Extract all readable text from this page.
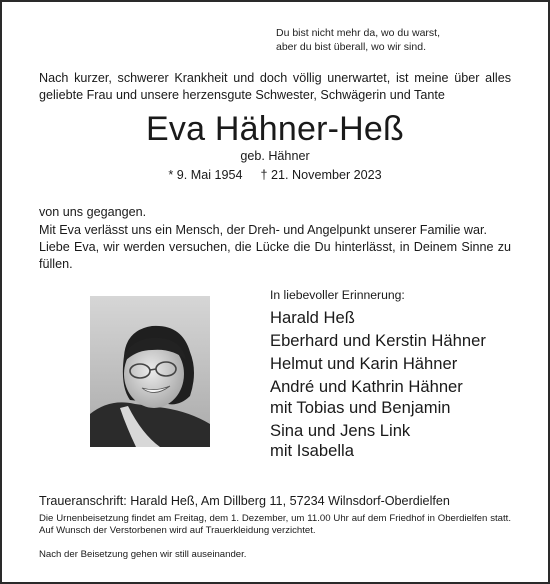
Du bist nicht mehr da, wo du warst,
aber du bist überall, wo wir sind.
Nach kurzer, schwerer Krankheit und doch völlig unerwartet, ist meine über alles geliebte Frau und unsere herzensgute Schwester, Schwägerin und Tante
Eva Hähner-Heß
geb. Hähner
* 9. Mai 1954 † 21. November 2023

von uns gegangen.

Mit Eva verlässt uns ein Mensch, der Dreh- und Angelpunkt unserer Familie war.

Liebe Eva, wir werden versuchen, die Lücke die Du hinterlässt, in Deinem Sinne zu füllen.

In liebevoller Erinnerung:
Harald Heß
Eberhard und Kerstin Hähner
Helmut und Karin Hähner
André und Kathrin Hähner
mit Tobias und Benjamin
Sina und Jens Link
mit Isabella
Traueranschrift: Harald Heß, Am Dillberg 11, 57234 Wilnsdorf-Oberdielfen
Die Urnenbeisetzung findet am Freitag, dem 1. Dezember, um 11.00 Uhr auf dem Friedhof in Oberdielfen statt. Auf Wunsch der Verstorbenen wird auf Trauerkleidung verzichtet.
Nach der Beisetzung gehen wir still auseinander.
